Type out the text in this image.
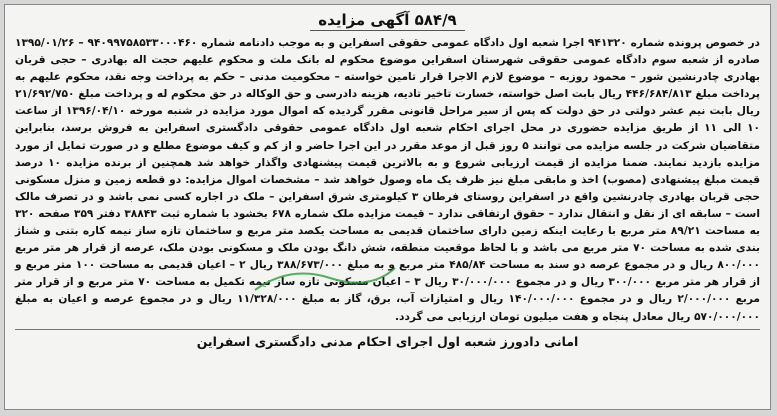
۵۸۴/۹ آگهی مزایده
در خصوص پرونده شماره ۹۴۱۳۲۰ اجرا شعبه اول دادگاه عمومی حقوقی اسفراین و به موجب دادنامه شماره ۹۴۰۹۹۷۵۸۵۳۳۰۰۰۴۶۰ – ۱۳۹۵/۰۱/۲۶ صادره از شعبه سوم دادگاه عمومی حقوقی شهرستان اسفراین موضوع محکوم له بانک ملت و محکوم علیهم حجت اله بهادری – حجی قربان بهادری چادرنشین شور – محمود روزبه – موضوع لازم الاجرا قرار تامین خواسته – محکومیت مدنی – حکم به پرداخت وجه نقد، محکوم علیهم به پرداخت مبلغ ۴۴۶/۶۸۴/۸۱۳ ریال بابت اصل خواسته، خسارت تاخیر تادیه، هزینه دادرسی و حق الوکاله در حق محکوم له و پرداخت مبلغ ۲۱/۶۹۲/۷۵۰ ریال بابت نیم عشر دولتی در حق دولت که پس از سیر مراحل قانونی مقرر گردیده که اموال مورد مزایده در شنبه مورخه ۱۳۹۶/۰۴/۱۰ از ساعت ۱۰ الی ۱۱ از طریق مزایده حضوری در محل اجرای احکام شعبه اول دادگاه عمومی حقوقی دادگستری اسفراین به فروش برسد، بنابراین متقاضیان شرکت در جلسه مزایده می توانند ۵ روز قبل از موعد مقرر در این اجرا حاضر و از کم و کیف موضوع مطلع و در صورت تمایل از مورد مزایده بازدید نمایند. ضمنا مزایده از قیمت ارزیابی شروع و به بالاترین قیمت پیشنهادی واگذار خواهد شد همچنین از برنده مزایده ۱۰ درصد قیمت مبلغ پیشنهادی (مصوب) اخذ و مابقی مبلغ نیز ظرف یک ماه وصول خواهد شد – مشخصات اموال مزایده: دو قطعه زمین و منزل مسکونی حجی قربان بهادری چادرنشین واقع در اسفراین روستای فرطان ۳ کیلومتری شرق اسفراین – ملک در اجاره کسی نمی باشد و در تصرف مالک است – سابقه ای از نقل و انتقال ندارد – حقوق ارتفاقی ندارد – قیمت مزایده ملک شماره ۶۷۸ بخشود با شماره ثبت ۳۸۸۴۳ دفتر ۳۵۹ صفحه ۳۲۰ به مساحت ۸۹/۲۱ متر مربع با رعایت اینکه زمین دارای ساختمان قدیمی به مساحت یکصد متر مربع و ساختمان تازه ساز نیمه کاره بتنی و شناژ بندی شده به مساحت ۷۰ متر مربع می باشد و با لحاظ موقعیت منطقه، شش دانگ بودن ملک و مسکونی بودن ملک، عرصه از قرار هر متر مربع ۸۰۰/۰۰۰ ریال و در مجموع عرصه دو سند به مساحت ۴۸۵/۸۴ متر مربع و به مبلغ ۳۸۸/۶۷۳/۰۰۰ ریال ۲ – اعیان قدیمی به مساحت ۱۰۰ متر مربع و از قرار هر متر مربع ۳۰۰/۰۰۰ ریال و در مجموع ۳۰/۰۰۰/۰۰۰ ریال ۳ – اعیان مسکونی تازه ساز نیمه تکمیل به مساحت ۷۰ متر مربع و از قرار متر مربع ۲/۰۰۰/۰۰۰ ریال و در مجموع ۱۴۰/۰۰۰/۰۰۰ ریال و امتیازات آب، برق، گاز به مبلغ ۱۱/۳۲۸/۰۰۰ ریال و در مجموع عرصه و اعیان به مبلغ ۵۷۰/۰۰۰/۰۰۰ ریال معادل پنجاه و هفت میلیون تومان ارزیابی می گردد.
امانی دادورز شعبه اول اجرای احکام مدنی دادگستری اسفراین
